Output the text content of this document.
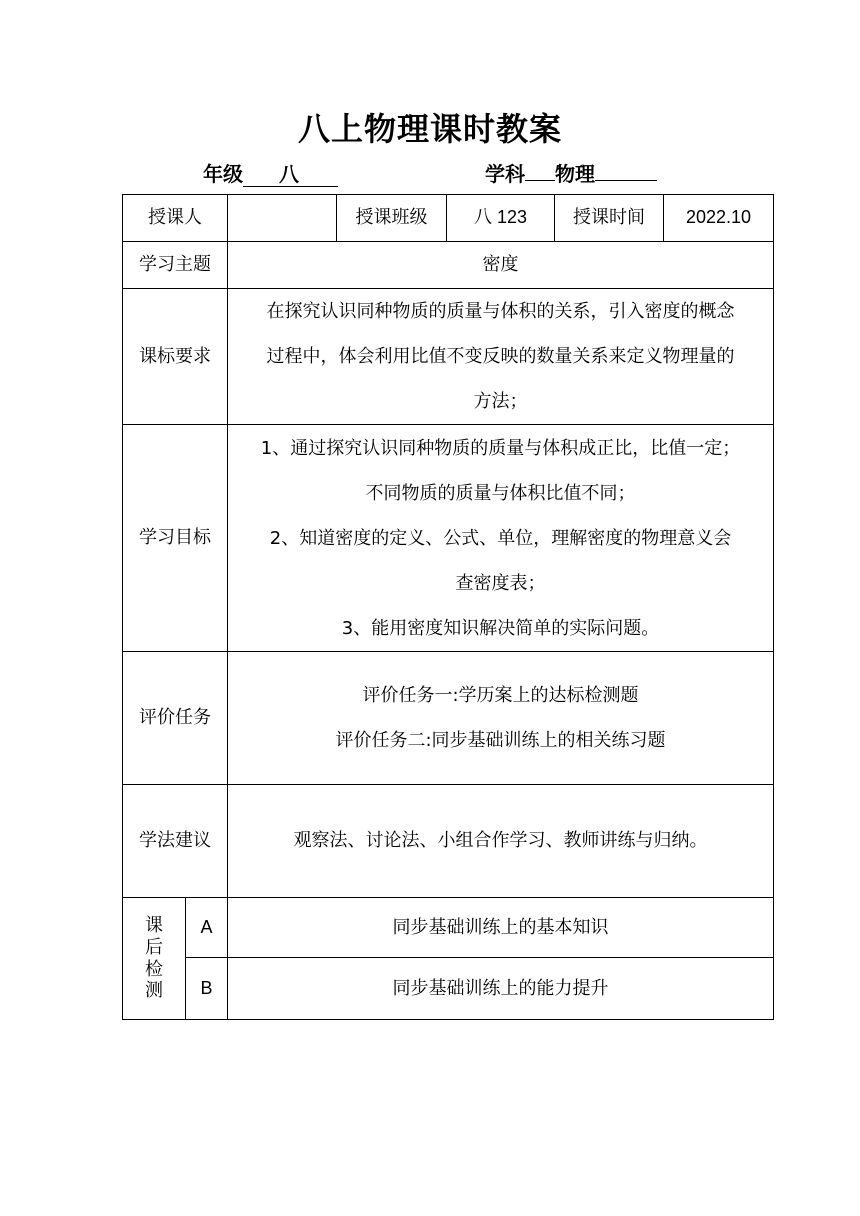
八上物理课时教案
年级 八	学科 物理
授课人			授课班级	八 123	授课时间	2022.10
学习主题		密度				
课标要求		在探究认识同种物质的质量与体积的关系，引入密度的概念
过程中，体会利用比值不变反映的数量关系来定义物理量的
方法；				

学习目标		1、通过探究认识同种物质的质量与体积成正比，比值一定；
不同物质的质量与体积比值不同；
2、知道密度的定义、公式、单位，理解密度的物理意义会
查密度表；
3、能用密度知识解决简单的实际问题。				

评价任务		评价任务一:学历案上的达标检测题
评价任务二:同步基础训练上的相关练习题				

学法建议		观察法、讨论法、小组合作学习、教师讲练与归纳。				

课
后
检
测	A	同步基础训练上的基本知识				
	B	同步基础训练上的能力提升				
